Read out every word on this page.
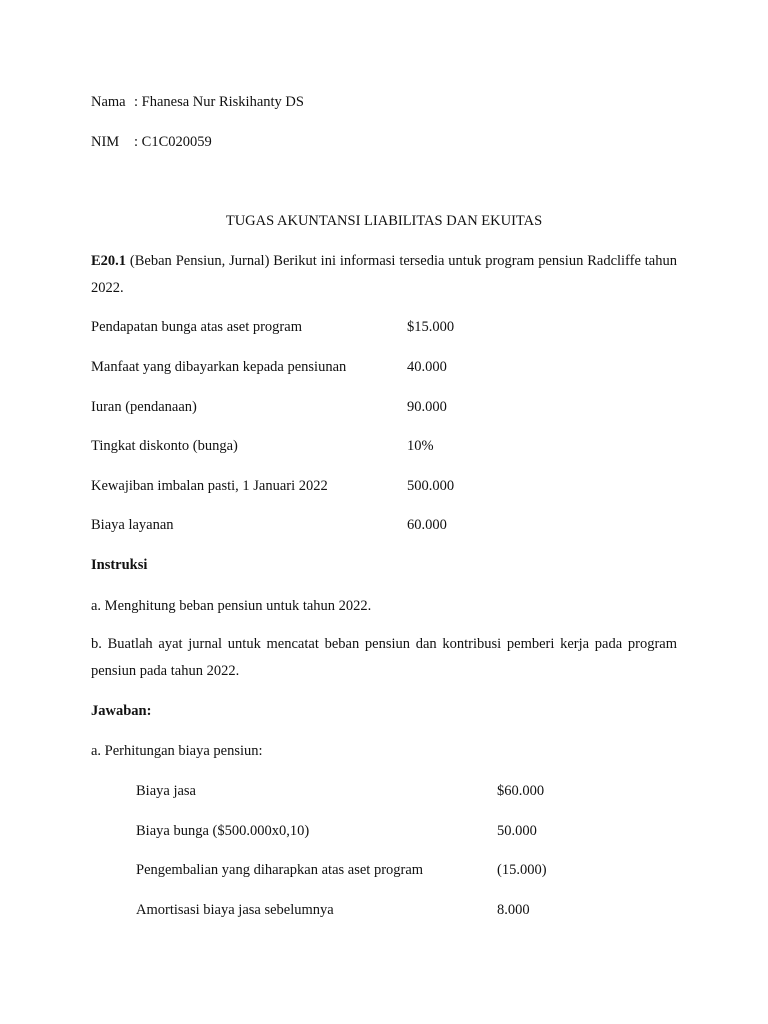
Nama : Fhanesa Nur Riskihanty DS
NIM : C1C020059
TUGAS AKUNTANSI LIABILITAS DAN EKUITAS
E20.1 (Beban Pensiun, Jurnal) Berikut ini informasi tersedia untuk program pensiun Radcliffe tahun 2022.
Pendapatan bunga atas aset program	$15.000
Manfaat yang dibayarkan kepada pensiunan	40.000
Iuran (pendanaan)	90.000
Tingkat diskonto (bunga)	10%
Kewajiban imbalan pasti, 1 Januari 2022	500.000
Biaya layanan	60.000
Instruksi
a. Menghitung beban pensiun untuk tahun 2022.
b. Buatlah ayat jurnal untuk mencatat beban pensiun dan kontribusi pemberi kerja pada program pensiun pada tahun 2022.
Jawaban:
a. Perhitungan biaya pensiun:
Biaya jasa	$60.000
Biaya bunga ($500.000x0,10)	50.000
Pengembalian yang diharapkan atas aset program	(15.000)
Amortisasi biaya jasa sebelumnya	8.000
